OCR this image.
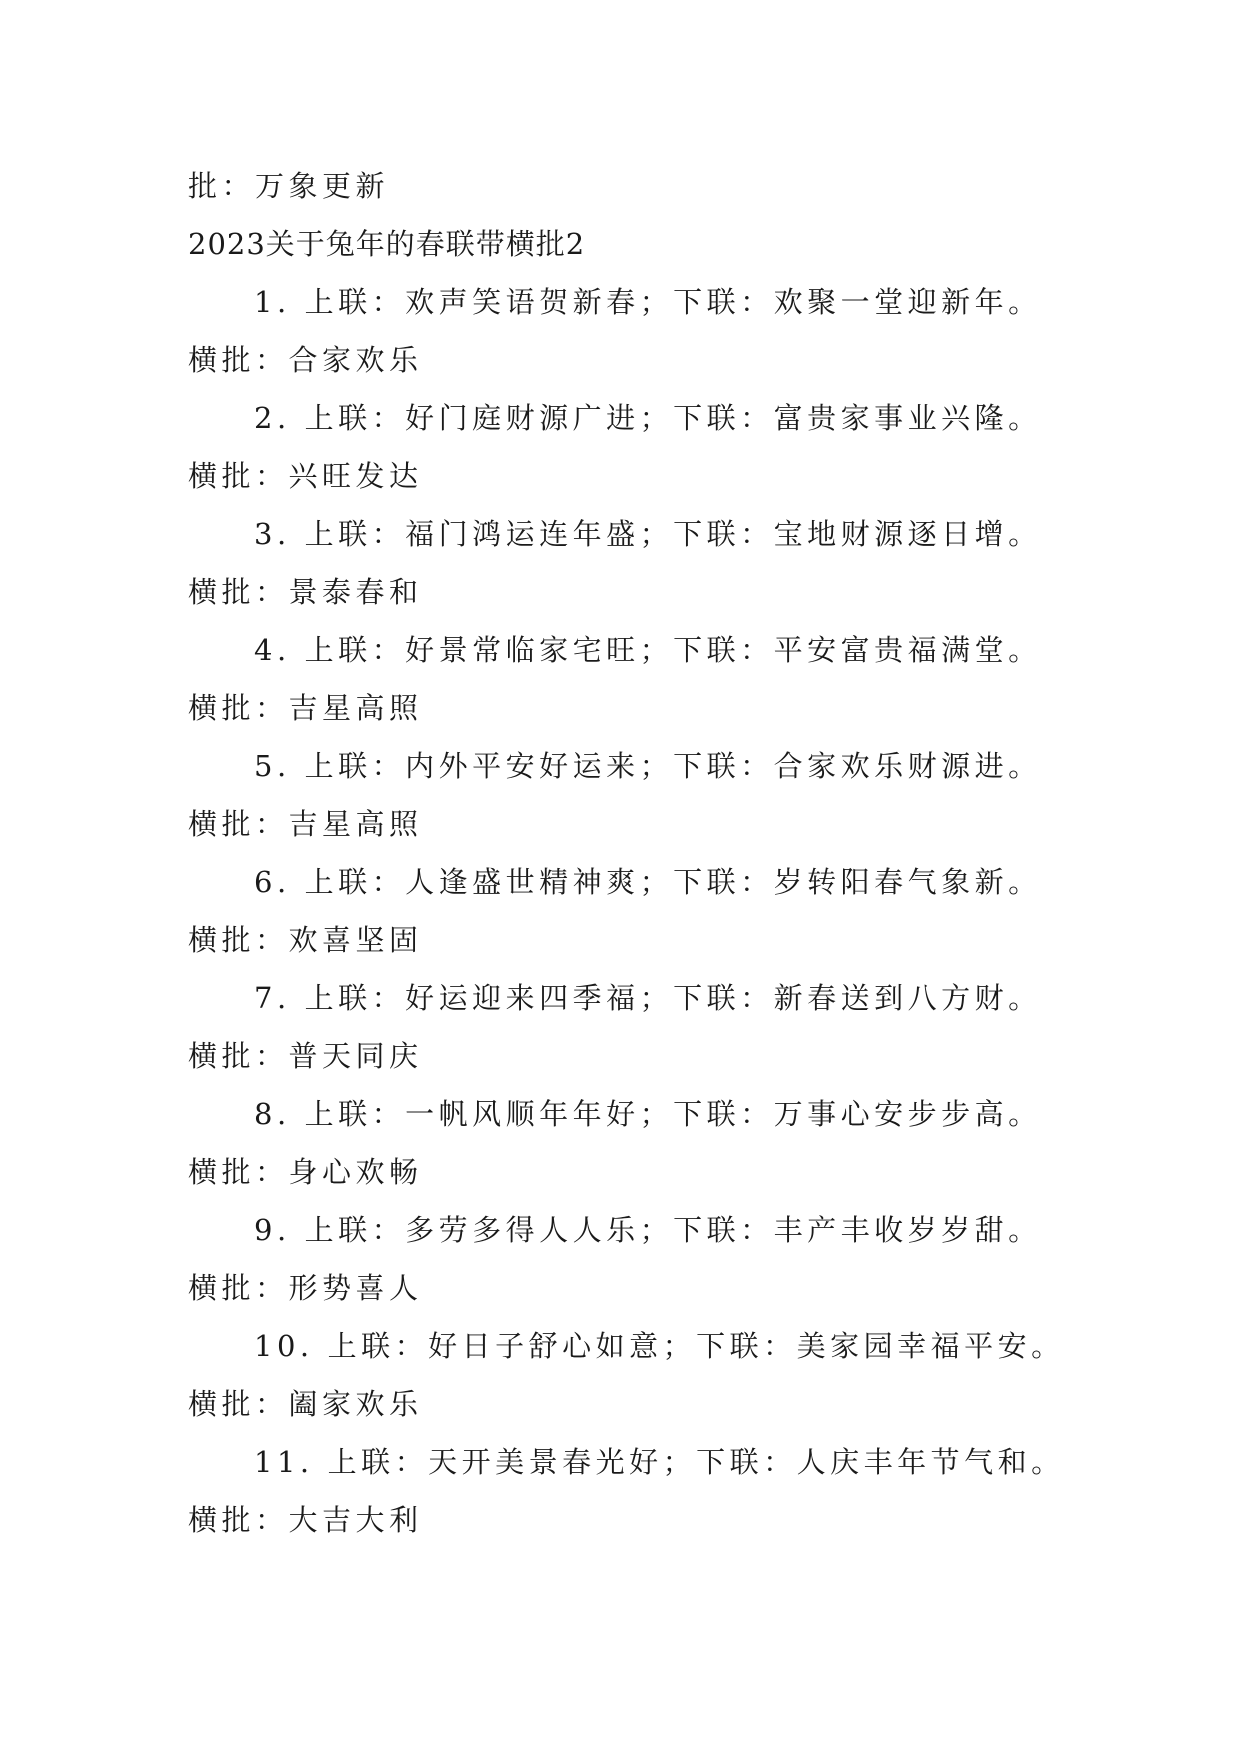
批：万象更新
2023关于兔年的春联带横批2
1. 上联：欢声笑语贺新春；下联：欢聚一堂迎新年。
横批：合家欢乐
2. 上联：好门庭财源广进；下联：富贵家事业兴隆。
横批：兴旺发达
3. 上联：福门鸿运连年盛；下联：宝地财源逐日增。
横批：景泰春和
4. 上联：好景常临家宅旺；下联：平安富贵福满堂。
横批：吉星高照
5. 上联：内外平安好运来；下联：合家欢乐财源进。
横批：吉星高照
6. 上联：人逢盛世精神爽；下联：岁转阳春气象新。
横批：欢喜坚固
7. 上联：好运迎来四季福；下联：新春送到八方财。
横批：普天同庆
8. 上联：一帆风顺年年好；下联：万事心安步步高。
横批：身心欢畅
9. 上联：多劳多得人人乐；下联：丰产丰收岁岁甜。
横批：形势喜人
10. 上联：好日子舒心如意；下联：美家园幸福平安。
横批：阖家欢乐
11. 上联：天开美景春光好；下联：人庆丰年节气和。
横批：大吉大利
